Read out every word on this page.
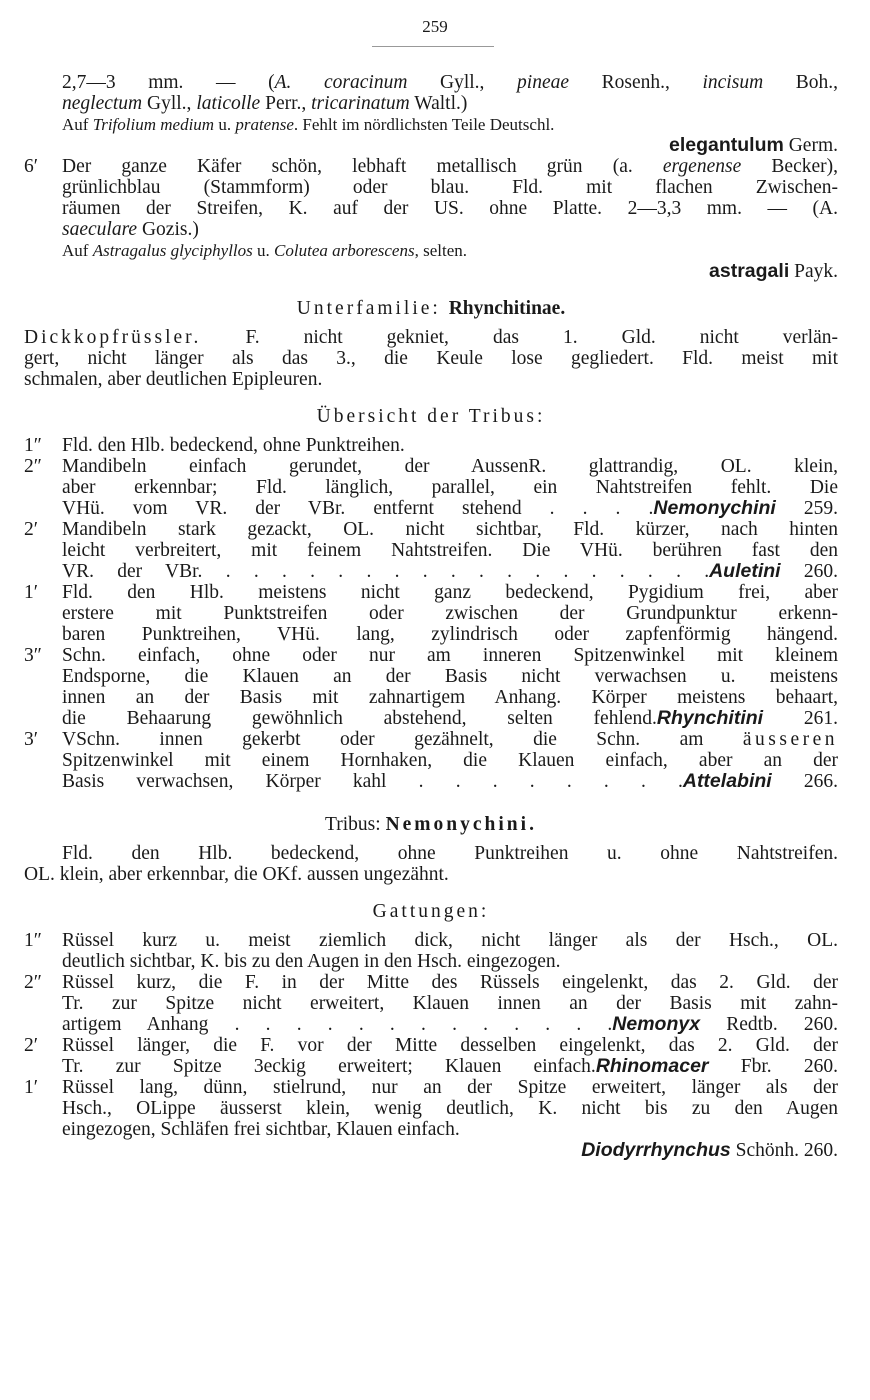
259
2,7—3 mm. — (A. coracinum Gyll., pineae Rosenh., incisum Boh.,
neglectum Gyll., laticolle Perr., tricarinatum Waltl.)
Auf Trifolium medium u. pratense. Fehlt im nördlichsten Teile Deutschl.
elegantulum Germ.
6′ Der ganze Käfer schön, lebhaft metallisch grün (a. ergenense Becker),
grünlichblau (Stammform) oder blau. Fld. mit flachen Zwischen-
räumen der Streifen, K. auf der US. ohne Platte. 2—3,3 mm. — (A.
saeculare Gozis.)
Auf Astragalus glyciphyllos u. Colutea arborescens, selten.
astragali Payk.
Unterfamilie: Rhynchitinae.
Dickkopfrüssler. F. nicht gekniet, das 1. Gld. nicht verlän-
gert, nicht länger als das 3., die Keule lose gegliedert. Fld. meist mit
schmalen, aber deutlichen Epipleuren.
Übersicht der Tribus:
1″ Fld. den Hlb. bedeckend, ohne Punktreihen.
2″ Mandibeln einfach gerundet, der AussenR. glattrandig, OL. klein,
aber erkennbar; Fld. länglich, parallel, ein Nahtstreifen fehlt. Die
VHü. vom VR. der VBr. entfernt stehend . . . .Nemonychini 259.
2′ Mandibeln stark gezackt, OL. nicht sichtbar, Fld. kürzer, nach hinten
leicht verbreitert, mit feinem Nahtstreifen. Die VHü. berühren fast den
VR. der VBr. . . . . . . . . . . . . . . . . . .Auletini 260.
1′ Fld. den Hlb. meistens nicht ganz bedeckend, Pygidium frei, aber
erstere mit Punktstreifen oder zwischen der Grundpunktur erkenn-
baren Punktreihen, VHü. lang, zylindrisch oder zapfenförmig hängend.
3″ Schn. einfach, ohne oder nur am inneren Spitzenwinkel mit kleinem
Endsporne, die Klauen an der Basis nicht verwachsen u. meistens
innen an der Basis mit zahnartigem Anhang. Körper meistens behaart,
die Behaarung gewöhnlich abstehend, selten fehlend.Rhynchitini 261.
3′ VSchn. innen gekerbt oder gezähnelt, die Schn. am äusseren
Spitzenwinkel mit einem Hornhaken, die Klauen einfach, aber an der
Basis verwachsen, Körper kahl . . . . . . . .Attelabini 266.
Tribus: Nemonychini.
Fld. den Hlb. bedeckend, ohne Punktreihen u. ohne Nahtstreifen.
OL. klein, aber erkennbar, die OKf. aussen ungezähnt.
Gattungen:
1″ Rüssel kurz u. meist ziemlich dick, nicht länger als der Hsch., OL.
deutlich sichtbar, K. bis zu den Augen in den Hsch. eingezogen.
2″ Rüssel kurz, die F. in der Mitte des Rüssels eingelenkt, das 2. Gld. der
Tr. zur Spitze nicht erweitert, Klauen innen an der Basis mit zahn-
artigem Anhang . . . . . . . . . . . . .Nemonyx Redtb. 260.
2′ Rüssel länger, die F. vor der Mitte desselben eingelenkt, das 2. Gld. der
Tr. zur Spitze 3eckig erweitert; Klauen einfach.Rhinomacer Fbr. 260.
1′ Rüssel lang, dünn, stielrund, nur an der Spitze erweitert, länger als der
Hsch., OLippe äusserst klein, wenig deutlich, K. nicht bis zu den Augen
eingezogen, Schläfen frei sichtbar, Klauen einfach.
Diodyrrhynchus Schönh. 260.
